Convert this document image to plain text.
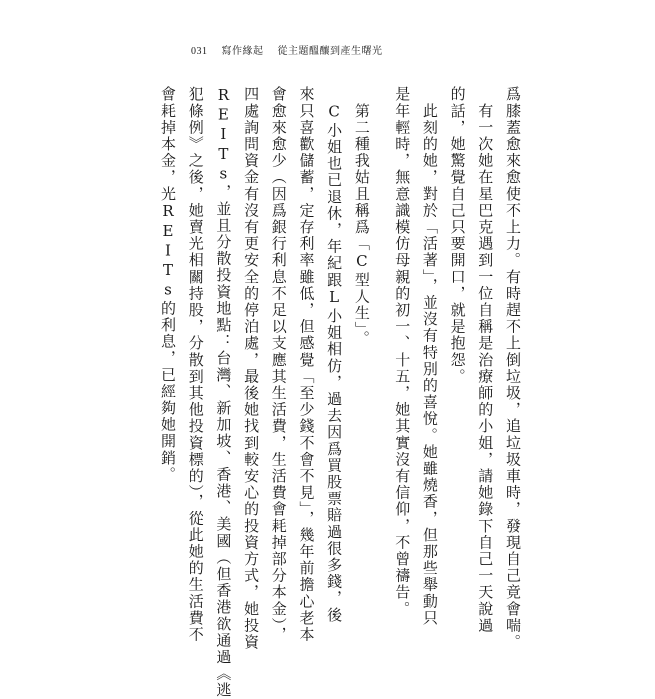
031 寫作緣起 從主題醞釀到產生曙光
爲膝蓋愈來愈使不上力。有時趕不上倒垃圾，追垃圾車時，發現自己竟會喘。
　有一次她在星巴克遇到一位自稱是治療師的小姐，請她錄下自己一天說過
的話，她驚覺自己只要開口，就是抱怨。
　此刻的她，對於「活著」，並沒有特別的喜悅。她雖燒香，但那些舉動只
是年輕時，無意識模仿母親的初一、十五，她其實沒有信仰，不曾禱告。
　第二種我姑且稱爲「C型人生」。
　C小姐也已退休，年紀跟L小姐相仿，過去因爲買股票賠過很多錢，後
來只喜歡儲蓄，定存利率雖低，但感覺「至少錢不會不見」，幾年前擔心老本
會愈來愈少（因爲銀行利息不足以支應其生活費，生活費會耗掉部分本金），
四處詢問資金有沒有更安全的停泊處，最後她找到較安心的投資方式，她投資
REITs，並且分散投資地點：台灣、新加坡、香港、美國（但香港欲通過《逃
犯條例》之後，她賣光相關持股，分散到其他投資標的），從此她的生活費不
會耗掉本金，光REITs的利息，已經夠她開銷。
